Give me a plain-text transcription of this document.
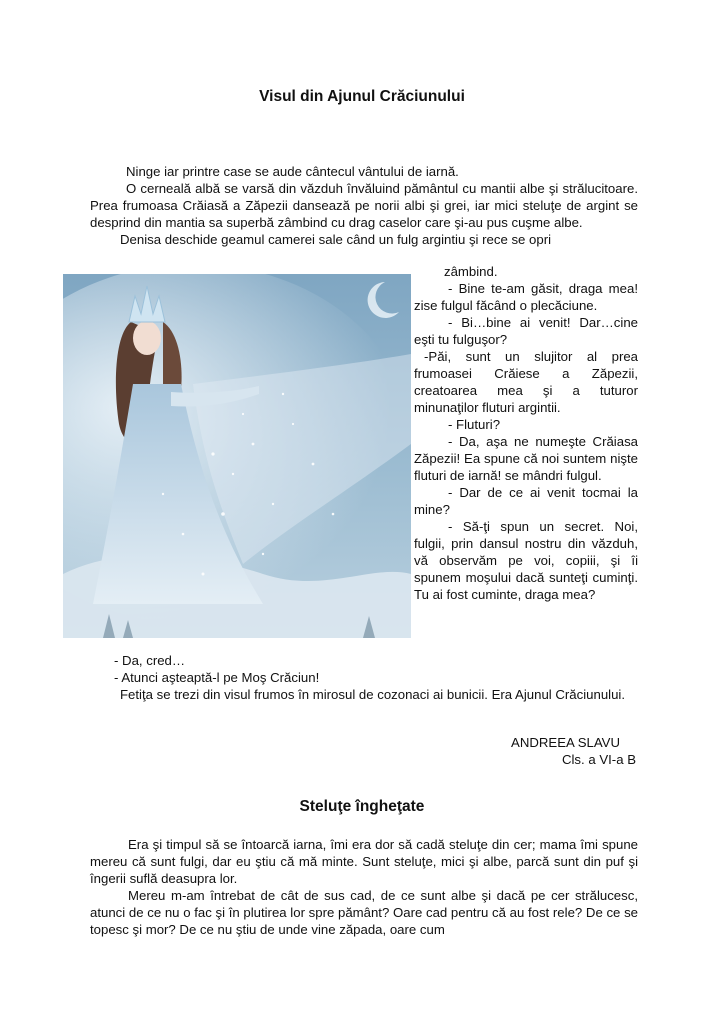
Visul din Ajunul Crăciunului

Ninge iar printre case se aude cântecul vântului de iarnă.

O cerneală albă se varsă din văzduh învăluind pământul cu mantii albe şi strălucitoare. Prea frumoasa Crăiasă a Zăpezii dansează pe norii albi şi grei, iar mici steluţe de argint se desprind din mantia sa superbă zâmbind cu drag caselor care şi-au pus cuşme albe.

Denisa deschide geamul camerei sale când un fulg argintiu şi rece se opri

zâmbind.

- Bine te-am găsit, draga mea! zise fulgul făcând o plecăciune.

- Bi…bine ai venit! Dar…cine eşti tu fulguşor?

-Păi, sunt un slujitor al prea frumoasei Crăiese a Zăpezii, creatoarea mea şi a tuturor minunaţilor fluturi argintii.

- Fluturi?

- Da, aşa ne numeşte Crăiasa Zăpezii! Ea spune că noi suntem nişte fluturi de iarnă! se mândri fulgul.

- Dar de ce ai venit tocmai la mine?

- Să-ţi spun un secret. Noi, fulgii, prin dansul nostru din văzduh, vă observăm pe voi, copiii, şi îi spunem moşului dacă sunteţi cuminţi. Tu ai fost cuminte, draga mea?

- Da, cred…

- Atunci aşteaptă-l pe Moş Crăciun!

Fetiţa se trezi din visul frumos în mirosul de cozonaci ai bunicii. Era Ajunul Crăciunului.

ANDREEA SLAVU
Cls. a VI-a B
Steluţe îngheţate

Era şi timpul să se întoarcă iarna, îmi era dor să cadă steluţe din cer; mama îmi spune mereu că sunt fulgi, dar eu ştiu că mă minte. Sunt steluţe, mici şi albe, parcă sunt din puf şi îngerii suflă deasupra lor.

Mereu m-am întrebat de cât de sus cad, de ce sunt albe şi dacă pe cer strălucesc, atunci de ce nu o fac şi în plutirea lor spre pământ? Oare cad pentru că au fost rele? De ce se topesc şi mor? De ce nu ştiu de unde vine zăpada, oare cum
